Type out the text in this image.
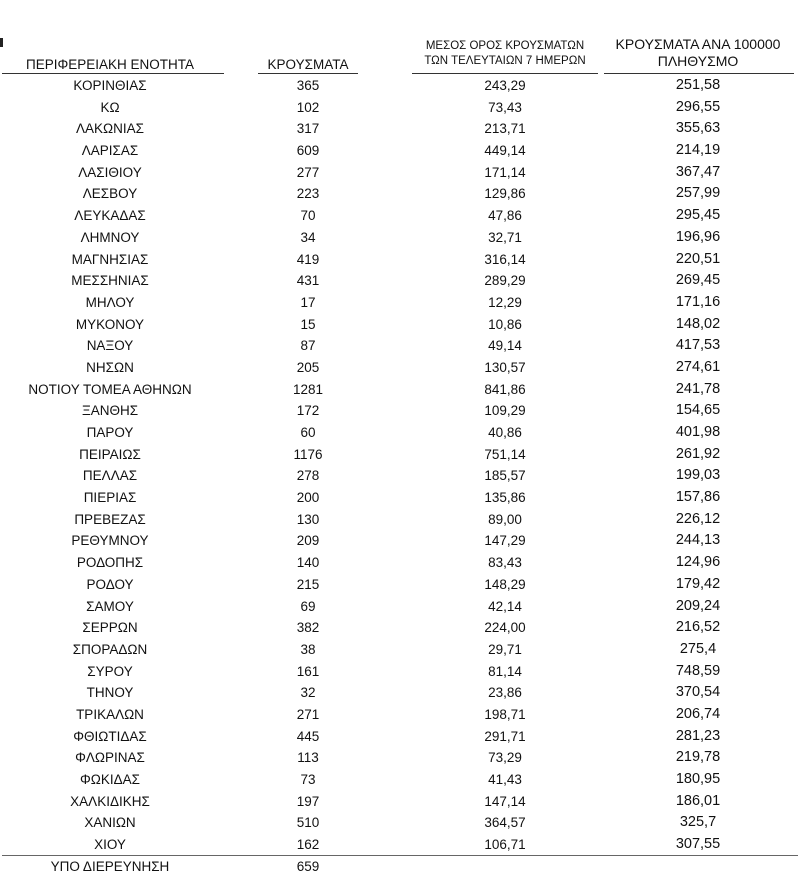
ΠΕΡΙΦΕΡΕΙΑΚΗ ΕΝΟΤΗΤΑ	ΚΡΟΥΣΜΑΤΑ
ΜΕΣΟΣ ΟΡΟΣ ΚΡΟΥΣΜΑΤΩΝ
ΤΩΝ ΤΕΛΕΥΤΑΙΩΝ 7 ΗΜΕΡΩΝ
ΚΡΟΥΣΜΑΤΑ ΑΝΑ 100000
ΠΛΗΘΥΣΜΟ
ΚΟΡΙΝΘΙΑΣ	365	243,29	251,58
ΚΩ	102	73,43	296,55
ΛΑΚΩΝΙΑΣ	317	213,71	355,63
ΛΑΡΙΣΑΣ	609	449,14	214,19
ΛΑΣΙΘΙΟΥ	277	171,14	367,47
ΛΕΣΒΟΥ	223	129,86	257,99
ΛΕΥΚΑΔΑΣ	70	47,86	295,45
ΛΗΜΝΟΥ	34	32,71	196,96
ΜΑΓΝΗΣΙΑΣ	419	316,14	220,51
ΜΕΣΣΗΝΙΑΣ	431	289,29	269,45
ΜΗΛΟΥ	17	12,29	171,16
ΜΥΚΟΝΟΥ	15	10,86	148,02
ΝΑΞΟΥ	87	49,14	417,53
ΝΗΣΩΝ	205	130,57	274,61
ΝΟΤΙΟΥ ΤΟΜΕΑ ΑΘΗΝΩΝ	1281	841,86	241,78
ΞΑΝΘΗΣ	172	109,29	154,65
ΠΑΡΟΥ	60	40,86	401,98
ΠΕΙΡΑΙΩΣ	1176	751,14	261,92
ΠΕΛΛΑΣ	278	185,57	199,03
ΠΙΕΡΙΑΣ	200	135,86	157,86
ΠΡΕΒΕΖΑΣ	130	89,00	226,12
ΡΕΘΥΜΝΟΥ	209	147,29	244,13
ΡΟΔΟΠΗΣ	140	83,43	124,96
ΡΟΔΟΥ	215	148,29	179,42
ΣΑΜΟΥ	69	42,14	209,24
ΣΕΡΡΩΝ	382	224,00	216,52
ΣΠΟΡΑΔΩΝ	38	29,71	275,4
ΣΥΡΟΥ	161	81,14	748,59
ΤΗΝΟΥ	32	23,86	370,54
ΤΡΙΚΑΛΩΝ	271	198,71	206,74
ΦΘΙΩΤΙΔΑΣ	445	291,71	281,23
ΦΛΩΡΙΝΑΣ	113	73,29	219,78
ΦΩΚΙΔΑΣ	73	41,43	180,95
ΧΑΛΚΙΔΙΚΗΣ	197	147,14	186,01
ΧΑΝΙΩΝ	510	364,57	325,7
ΧΙΟΥ	162	106,71	307,55
ΥΠΟ ΔΙΕΡΕΥΝΗΣΗ	659
